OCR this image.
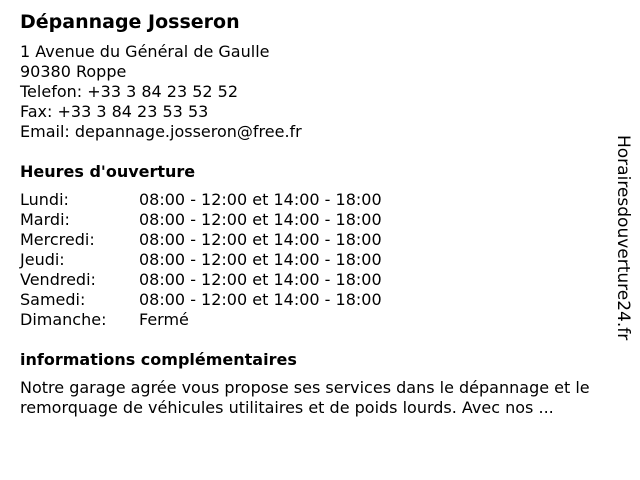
Dépannage Josseron
1 Avenue du Général de Gaulle
90380 Roppe
Telefon: +33 3 84 23 52 52
Fax: +33 3 84 23 53 53
Email: depannage.josseron@free.fr
Heures d'ouverture
Lundi:	08:00 - 12:00 et 14:00 - 18:00
Mardi:	08:00 - 12:00 et 14:00 - 18:00
Mercredi:	08:00 - 12:00 et 14:00 - 18:00
Jeudi:	08:00 - 12:00 et 14:00 - 18:00
Vendredi:	08:00 - 12:00 et 14:00 - 18:00
Samedi:	08:00 - 12:00 et 14:00 - 18:00
Dimanche:	Fermé
informations complémentaires
Notre garage agrée vous propose ses services dans le dépannage et le remorquage de véhicules utilitaires et de poids lourds. Avec nos ...
Horairesdouverture24.fr
